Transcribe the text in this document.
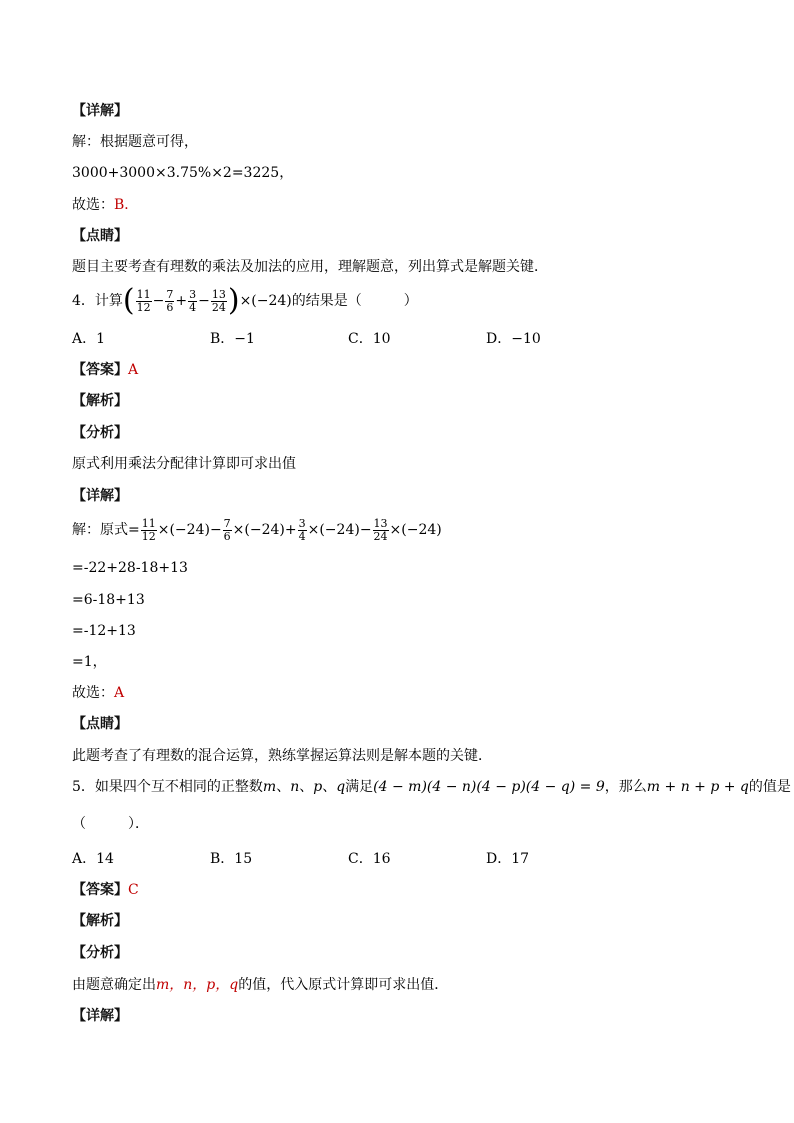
【详解】
解：根据题意可得，
3000+3000×3.75%×2=3225，
故选：B．
【点睛】
题目主要考查有理数的乘法及加法的应用，理解题意，列出算式是解题关键．
4．计算( $\frac{11}{12} - \frac{7}{6} + \frac{3}{4} - \frac{13}{24} )\times(-24)$的结果是（　　　）
A．1	B．−1	C．10	D．−10
【答案】A
【解析】
【分析】
原式利用乘法分配律计算即可求出值
【详解】
解：原式= $\frac{11}{12} \times(-24)- \frac{7}{6} \times(-24)+ \frac{3}{4} \times(-24)- \frac{13}{24} \times(-24)$
=-22+28-18+13
=6-18+13
=-12+13
=1，
故选：A
【点睛】
此题考查了有理数的混合运算，熟练掌握运算法则是解本题的关键．
5．如果四个互不相同的正整数m、n、p、q满足(4 − m)(4 − n)(4 − p)(4 − q) = 9，那么m + n + p + q的值是
（　　　）．
A．14	B．15	C．16	D．17
【答案】C
【解析】
【分析】
由题意确定出m，n，p，q的值，代入原式计算即可求出值．
【详解】
